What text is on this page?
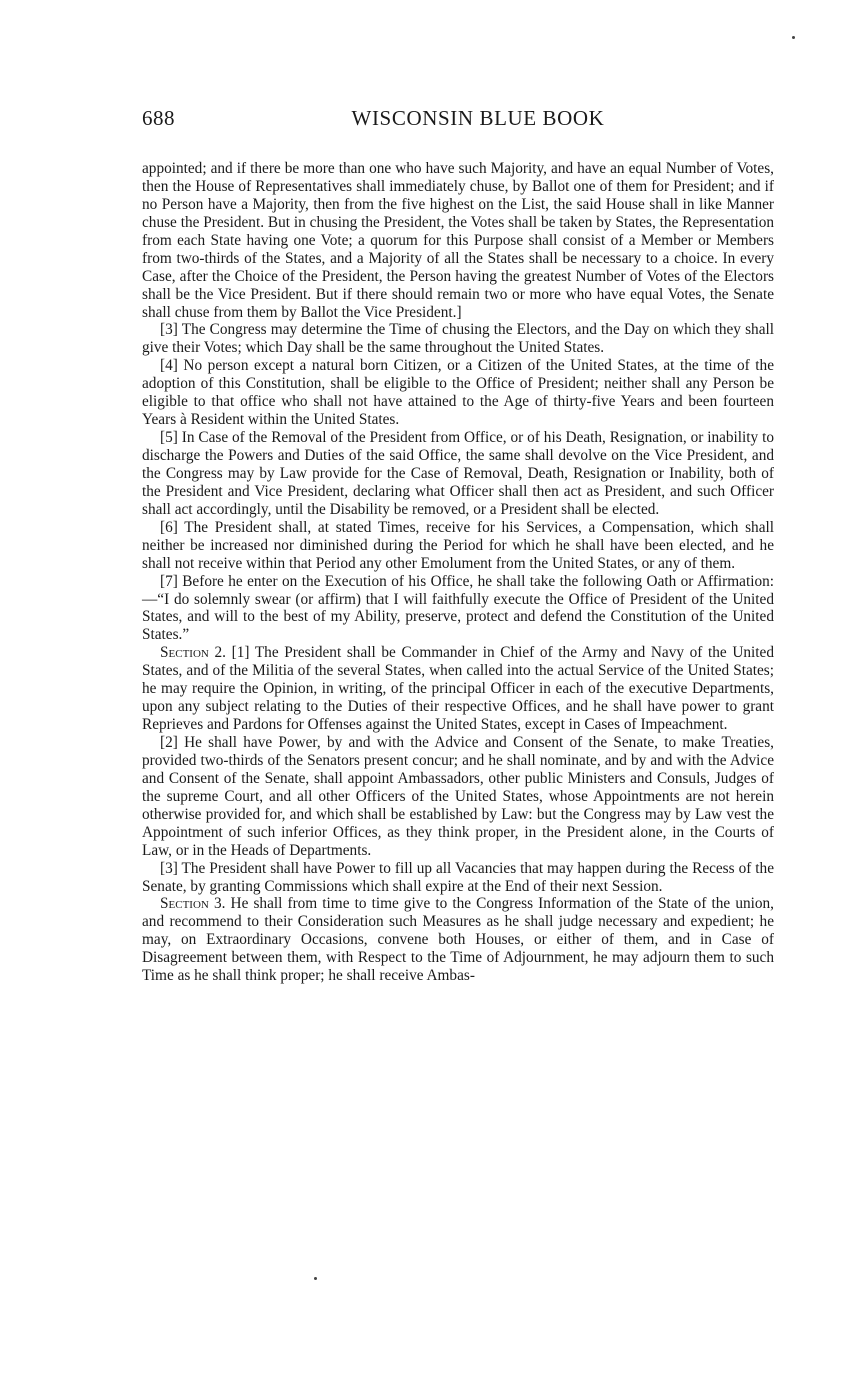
688	WISCONSIN BLUE BOOK

appointed; and if there be more than one who have such Majority, and have an equal Number of Votes, then the House of Representatives shall immediately chuse, by Ballot one of them for President; and if no Person have a Majority, then from the five highest on the List, the said House shall in like Manner chuse the President. But in chusing the President, the Votes shall be taken by States, the Representation from each State having one Vote; a quorum for this Purpose shall consist of a Member or Members from two-thirds of the States, and a Majority of all the States shall be necessary to a choice. In every Case, after the Choice of the President, the Person having the greatest Number of Votes of the Electors shall be the Vice President. But if there should remain two or more who have equal Votes, the Senate shall chuse from them by Ballot the Vice President.]

[3] The Congress may determine the Time of chusing the Electors, and the Day on which they shall give their Votes; which Day shall be the same throughout the United States.

[4] No person except a natural born Citizen, or a Citizen of the United States, at the time of the adoption of this Constitution, shall be eligible to the Office of President; neither shall any Person be eligible to that office who shall not have attained to the Age of thirty-five Years and been fourteen Years à Resident within the United States.

[5] In Case of the Removal of the President from Office, or of his Death, Resignation, or inability to discharge the Powers and Duties of the said Office, the same shall devolve on the Vice President, and the Congress may by Law provide for the Case of Removal, Death, Resignation or Inability, both of the President and Vice President, declaring what Officer shall then act as President, and such Officer shall act accordingly, until the Disability be removed, or a President shall be elected.

[6] The President shall, at stated Times, receive for his Services, a Compensation, which shall neither be increased nor diminished during the Period for which he shall have been elected, and he shall not receive within that Period any other Emolument from the United States, or any of them.

[7] Before he enter on the Execution of his Office, he shall take the following Oath or Affirmation:—“I do solemnly swear (or affirm) that I will faithfully execute the Office of President of the United States, and will to the best of my Ability, preserve, protect and defend the Constitution of the United States.”

Section 2. [1] The President shall be Commander in Chief of the Army and Navy of the United States, and of the Militia of the several States, when called into the actual Service of the United States; he may require the Opinion, in writing, of the principal Officer in each of the executive Departments, upon any subject relating to the Duties of their respective Offices, and he shall have power to grant Reprieves and Pardons for Offenses against the United States, except in Cases of Impeachment.

[2] He shall have Power, by and with the Advice and Consent of the Senate, to make Treaties, provided two-thirds of the Senators present concur; and he shall nominate, and by and with the Advice and Consent of the Senate, shall appoint Ambassadors, other public Ministers and Consuls, Judges of the supreme Court, and all other Officers of the United States, whose Appointments are not herein otherwise provided for, and which shall be established by Law: but the Congress may by Law vest the Appointment of such inferior Offices, as they think proper, in the President alone, in the Courts of Law, or in the Heads of Departments.

[3] The President shall have Power to fill up all Vacancies that may happen during the Recess of the Senate, by granting Commissions which shall expire at the End of their next Session.

Section 3. He shall from time to time give to the Congress Information of the State of the union, and recommend to their Consideration such Measures as he shall judge necessary and expedient; he may, on Extraordinary Occasions, convene both Houses, or either of them, and in Case of Disagreement between them, with Respect to the Time of Adjournment, he may adjourn them to such Time as he shall think proper; he shall receive Ambas-
